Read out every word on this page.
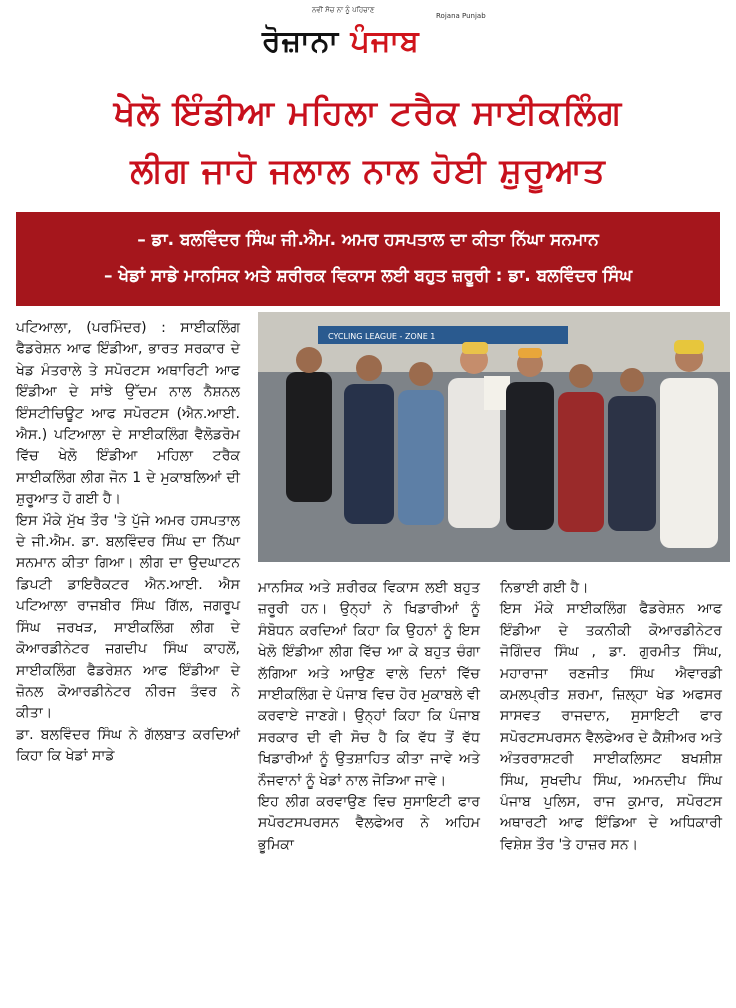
ਨਵੀਂ ਸੋਚ ਨਾ ਨੂੰ ਪਹਿਚਾਣ
Rojana Punjab
ਰੋਜ਼ਾਨਾ ਪੰਜਾਬ
ਖੇਲੋ ਇੰਡੀਆ ਮਹਿਲਾ ਟਰੈਕ ਸਾਈਕਲਿੰਗ
ਲੀਗ ਜਾਹੋ ਜਲਾਲ ਨਾਲ ਹੋਈ ਸ਼ੁਰੂਆਤ
– ਡਾ. ਬਲਵਿੰਦਰ ਸਿੰਘ ਜੀ.ਐਮ. ਅਮਰ ਹਸਪਤਾਲ ਦਾ ਕੀਤਾ ਨਿੱਘਾ ਸਨਮਾਨ
– ਖੇਡਾਂ ਸਾਡੇ ਮਾਨਸਿਕ ਅਤੇ ਸ਼ਰੀਰਕ ਵਿਕਾਸ ਲਈ ਬਹੁਤ ਜ਼ਰੂਰੀ : ਡਾ. ਬਲਵਿੰਦਰ ਸਿੰਘ
CYCLING LEAGUE - ZONE 1

ਪਟਿਆਲਾ, (ਪਰਮਿੰਦਰ) : ਸਾਈਕਲਿੰਗ ਫੈਡਰੇਸ਼ਨ ਆਫ ਇੰਡੀਆ, ਭਾਰਤ ਸਰਕਾਰ ਦੇ ਖੇਡ ਮੰਤਰਾਲੇ ਤੇ ਸਪੋਰਟਸ ਅਥਾਰਿਟੀ ਆਫ ਇੰਡੀਆ ਦੇ ਸਾਂਝੇ ਉੱਦਮ ਨਾਲ ਨੈਸ਼ਨਲ ਇੰਸਟੀਚਿਊਟ ਆਫ ਸਪੋਰਟਸ (ਐਨ.ਆਈ. ਐਸ.) ਪਟਿਆਲਾ ਦੇ ਸਾਈਕਲਿੰਗ ਵੈਲੋਡਰੋਮ ਵਿੱਚ ਖੇਲੋ ਇੰਡੀਆ ਮਹਿਲਾ ਟਰੈਕ ਸਾਈਕਲਿੰਗ ਲੀਗ ਜੋਨ 1 ਦੇ ਮੁਕਾਬਲਿਆਂ ਦੀ ਸ਼ੁਰੂਆਤ ਹੋ ਗਈ ਹੈ।

ਇਸ ਮੌਕੇ ਮੁੱਖ ਤੌਰ 'ਤੇ ਪੁੱਜੇ ਅਮਰ ਹਸਪਤਾਲ ਦੇ ਜੀ.ਐਮ. ਡਾ. ਬਲਵਿੰਦਰ ਸਿੰਘ ਦਾ ਨਿੱਘਾ ਸਨਮਾਨ ਕੀਤਾ ਗਿਆ। ਲੀਗ ਦਾ ਉਦਘਾਟਨ ਡਿਪਟੀ ਡਾਇਰੈਕਟਰ ਐਨ.ਆਈ. ਐਸ ਪਟਿਆਲਾ ਰਾਜਬੀਰ ਸਿੰਘ ਗਿੱਲ, ਜਗਰੂਪ ਸਿੰਘ ਜਰਖੜ, ਸਾਈਕਲਿੰਗ ਲੀਗ ਦੇ ਕੋਆਰਡੀਨੇਟਰ ਜਗਦੀਪ ਸਿੰਘ ਕਾਹਲੋਂ, ਸਾਈਕਲਿੰਗ ਫੈਡਰੇਸ਼ਨ ਆਫ ਇੰਡੀਆ ਦੇ ਜ਼ੋਨਲ ਕੋਆਰਡੀਨੇਟਰ ਨੀਰਜ ਤੰਵਰ ਨੇ ਕੀਤਾ।

ਡਾ. ਬਲਵਿੰਦਰ ਸਿੰਘ ਨੇ ਗੱਲਬਾਤ ਕਰਦਿਆਂ ਕਿਹਾ ਕਿ ਖੇਡਾਂ ਸਾਡੇ

ਮਾਨਸਿਕ ਅਤੇ ਸ਼ਰੀਰਕ ਵਿਕਾਸ ਲਈ ਬਹੁਤ ਜ਼ਰੂਰੀ ਹਨ। ਉਨ੍ਹਾਂ ਨੇ ਖਿਡਾਰੀਆਂ ਨੂੰ ਸੰਬੋਧਨ ਕਰਦਿਆਂ ਕਿਹਾ ਕਿ ਉਹਨਾਂ ਨੂੰ ਇਸ ਖੇਲੋ ਇੰਡੀਆ ਲੀਗ ਵਿੱਚ ਆ ਕੇ ਬਹੁਤ ਚੰਗਾ ਲੱਗਿਆ ਅਤੇ ਆਉਣ ਵਾਲੇ ਦਿਨਾਂ ਵਿੱਚ ਸਾਈਕਲਿੰਗ ਦੇ ਪੰਜਾਬ ਵਿਚ ਹੋਰ ਮੁਕਾਬਲੇ ਵੀ ਕਰਵਾਏ ਜਾਣਗੇ। ਉਨ੍ਹਾਂ ਕਿਹਾ ਕਿ ਪੰਜਾਬ ਸਰਕਾਰ ਦੀ ਵੀ ਸੋਚ ਹੈ ਕਿ ਵੱਧ ਤੋਂ ਵੱਧ ਖਿਡਾਰੀਆਂ ਨੂੰ ਉਤਸ਼ਾਹਿਤ ਕੀਤਾ ਜਾਵੇ ਅਤੇ ਨੌਜਵਾਨਾਂ ਨੂੰ ਖੇਡਾਂ ਨਾਲ ਜੋੜਿਆ ਜਾਵੇ।

ਇਹ ਲੀਗ ਕਰਵਾਉਣ ਵਿਚ ਸੁਸਾਇਟੀ ਫਾਰ ਸਪੋਰਟਸਪਰਸਨ ਵੈਲਫੇਅਰ ਨੇ ਅਹਿਮ ਭੂਮਿਕਾ

ਨਿਭਾਈ ਗਈ ਹੈ।

ਇਸ ਮੌਕੇ ਸਾਈਕਲਿੰਗ ਫੈਡਰੇਸ਼ਨ ਆਫ ਇੰਡੀਆ ਦੇ ਤਕਨੀਕੀ ਕੋਆਰਡੀਨੇਟਰ ਜੋਗਿੰਦਰ ਸਿੰਘ , ਡਾ. ਗੁਰਮੀਤ ਸਿੰਘ, ਮਹਾਰਾਜਾ ਰਣਜੀਤ ਸਿੰਘ ਐਵਾਰਡੀ ਕਮਲਪ੍ਰੀਤ ਸ਼ਰਮਾ, ਜ਼ਿਲ੍ਹਾ ਖੇਡ ਅਫਸਰ ਸਾਸਵਤ ਰਾਜਦਾਨ, ਸੁਸਾਇਟੀ ਫਾਰ ਸਪੋਰਟਸਪਰਸਨ ਵੈਲਫੇਅਰ ਦੇ ਕੈਸ਼ੀਅਰ ਅਤੇ ਅੰਤਰਰਾਸ਼ਟਰੀ ਸਾਈਕਲਿਸਟ ਬਖਸ਼ੀਸ਼ ਸਿੰਘ, ਸੁਖਦੀਪ ਸਿੰਘ, ਅਮਨਦੀਪ ਸਿੰਘ ਪੰਜਾਬ ਪੁਲਿਸ, ਰਾਜ ਕੁਮਾਰ, ਸਪੋਰਟਸ ਅਥਾਰਟੀ ਆਫ ਇੰਡਿਆ ਦੇ ਅਧਿਕਾਰੀ ਵਿਸ਼ੇਸ਼ ਤੌਰ 'ਤੇ ਹਾਜ਼ਰ ਸਨ।
